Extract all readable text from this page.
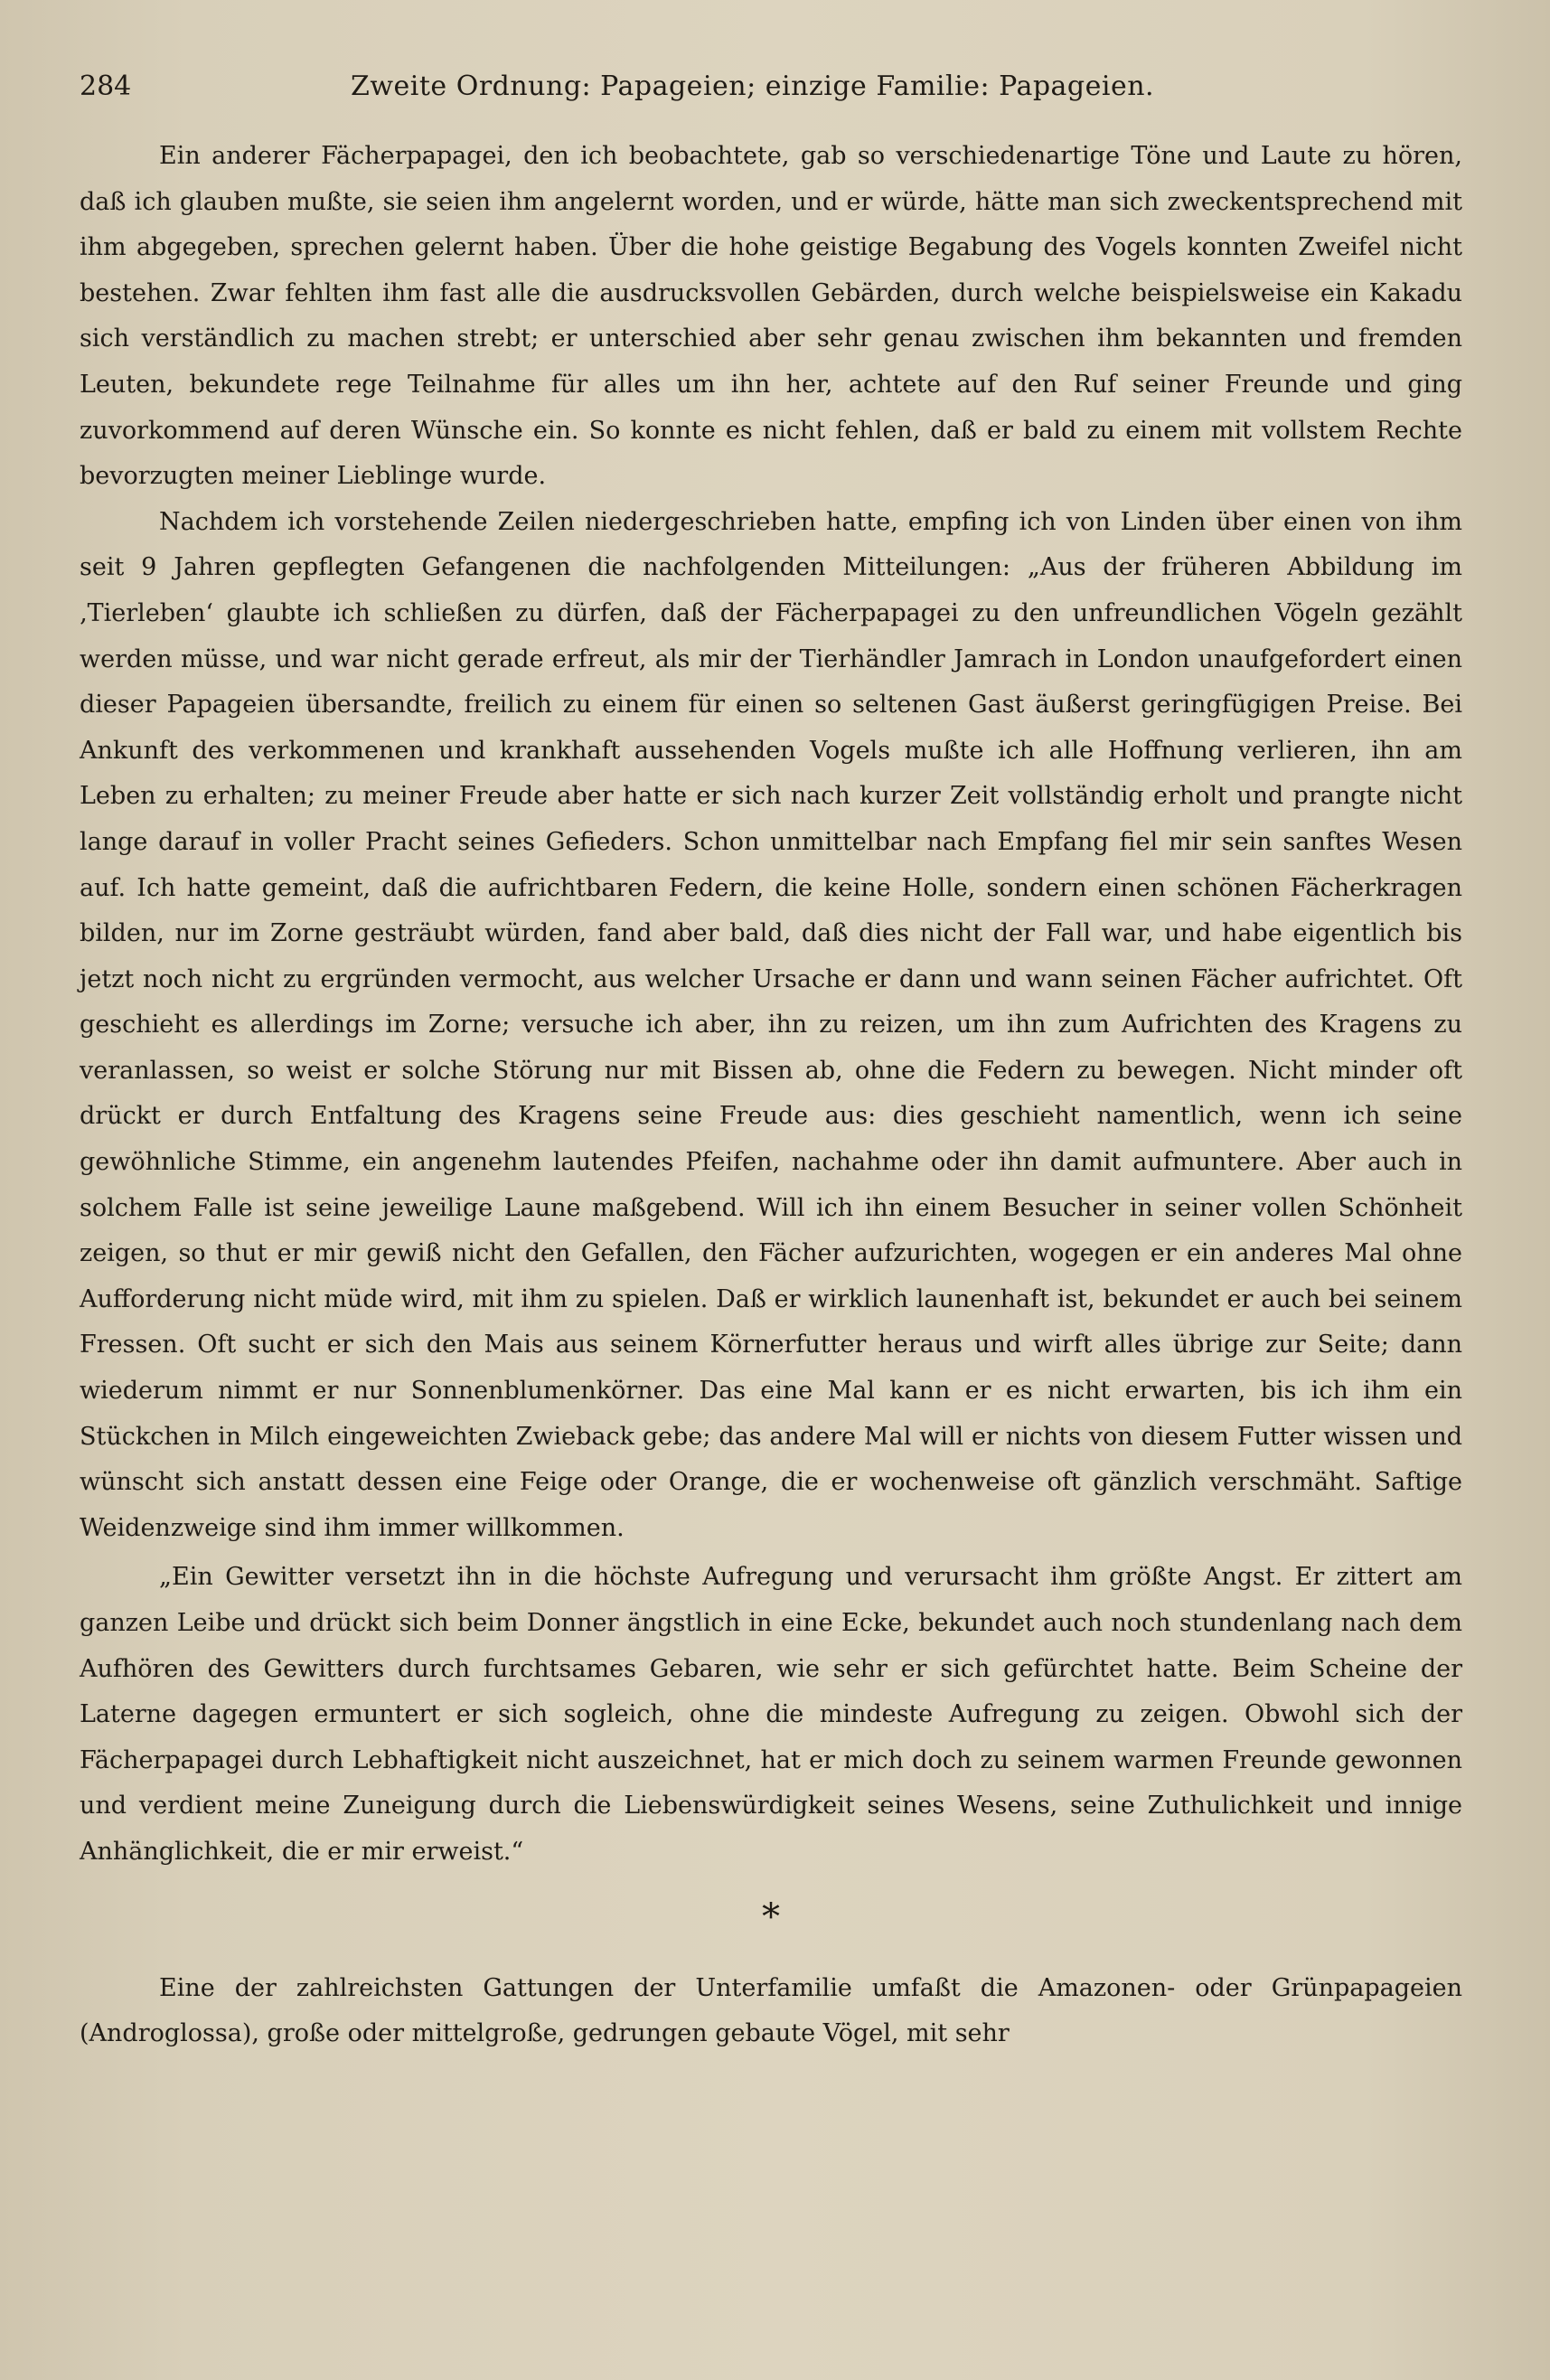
284	Zweite Ordnung: Papageien; einzige Familie: Papageien.

Ein anderer Fächerpapagei, den ich beobachtete, gab so verschiedenartige Töne und Laute zu hören, daß ich glauben mußte, sie seien ihm angelernt worden, und er würde, hätte man sich zweckentsprechend mit ihm abgegeben, sprechen gelernt haben. Über die hohe geistige Begabung des Vogels konnten Zweifel nicht bestehen. Zwar fehlten ihm fast alle die ausdrucksvollen Gebärden, durch welche beispielsweise ein Kakadu sich verständlich zu machen strebt; er unterschied aber sehr genau zwischen ihm bekannten und fremden Leuten, bekundete rege Teilnahme für alles um ihn her, achtete auf den Ruf seiner Freunde und ging zuvorkommend auf deren Wünsche ein. So konnte es nicht fehlen, daß er bald zu einem mit vollstem Rechte bevorzugten meiner Lieblinge wurde.

Nachdem ich vorstehende Zeilen niedergeschrieben hatte, empfing ich von Linden über einen von ihm seit 9 Jahren gepflegten Gefangenen die nachfolgenden Mitteilungen: „Aus der früheren Abbildung im ‚Tierleben‘ glaubte ich schließen zu dürfen, daß der Fächerpapagei zu den unfreundlichen Vögeln gezählt werden müsse, und war nicht gerade erfreut, als mir der Tierhändler Jamrach in London unaufgefordert einen dieser Papageien übersandte, freilich zu einem für einen so seltenen Gast äußerst geringfügigen Preise. Bei Ankunft des verkommenen und krankhaft aussehenden Vogels mußte ich alle Hoffnung verlieren, ihn am Leben zu erhalten; zu meiner Freude aber hatte er sich nach kurzer Zeit vollständig erholt und prangte nicht lange darauf in voller Pracht seines Gefieders. Schon unmittelbar nach Empfang fiel mir sein sanftes Wesen auf. Ich hatte gemeint, daß die aufrichtbaren Federn, die keine Holle, sondern einen schönen Fächerkragen bilden, nur im Zorne gesträubt würden, fand aber bald, daß dies nicht der Fall war, und habe eigentlich bis jetzt noch nicht zu ergründen vermocht, aus welcher Ursache er dann und wann seinen Fächer aufrichtet. Oft geschieht es allerdings im Zorne; versuche ich aber, ihn zu reizen, um ihn zum Aufrichten des Kragens zu veranlassen, so weist er solche Störung nur mit Bissen ab, ohne die Federn zu bewegen. Nicht minder oft drückt er durch Entfaltung des Kragens seine Freude aus: dies geschieht namentlich, wenn ich seine gewöhnliche Stimme, ein angenehm lautendes Pfeifen, nachahme oder ihn damit aufmuntere. Aber auch in solchem Falle ist seine jeweilige Laune maßgebend. Will ich ihn einem Besucher in seiner vollen Schönheit zeigen, so thut er mir gewiß nicht den Gefallen, den Fächer aufzurichten, wogegen er ein anderes Mal ohne Aufforderung nicht müde wird, mit ihm zu spielen. Daß er wirklich launenhaft ist, bekundet er auch bei seinem Fressen. Oft sucht er sich den Mais aus seinem Körnerfutter heraus und wirft alles übrige zur Seite; dann wiederum nimmt er nur Sonnenblumenkörner. Das eine Mal kann er es nicht erwarten, bis ich ihm ein Stückchen in Milch eingeweichten Zwieback gebe; das andere Mal will er nichts von diesem Futter wissen und wünscht sich anstatt dessen eine Feige oder Orange, die er wochenweise oft gänzlich verschmäht. Saftige Weidenzweige sind ihm immer willkommen.

„Ein Gewitter versetzt ihn in die höchste Aufregung und verursacht ihm größte Angst. Er zittert am ganzen Leibe und drückt sich beim Donner ängstlich in eine Ecke, bekundet auch noch stundenlang nach dem Aufhören des Gewitters durch furchtsames Gebaren, wie sehr er sich gefürchtet hatte. Beim Scheine der Laterne dagegen ermuntert er sich sogleich, ohne die mindeste Aufregung zu zeigen. Obwohl sich der Fächerpapagei durch Lebhaftigkeit nicht auszeichnet, hat er mich doch zu seinem warmen Freunde gewonnen und verdient meine Zuneigung durch die Liebenswürdigkeit seines Wesens, seine Zuthulichkeit und innige Anhänglichkeit, die er mir erweist.“

*

Eine der zahlreichsten Gattungen der Unterfamilie umfaßt die Amazonen- oder Grünpapageien (Androglossa), große oder mittelgroße, gedrungen gebaute Vögel, mit sehr
